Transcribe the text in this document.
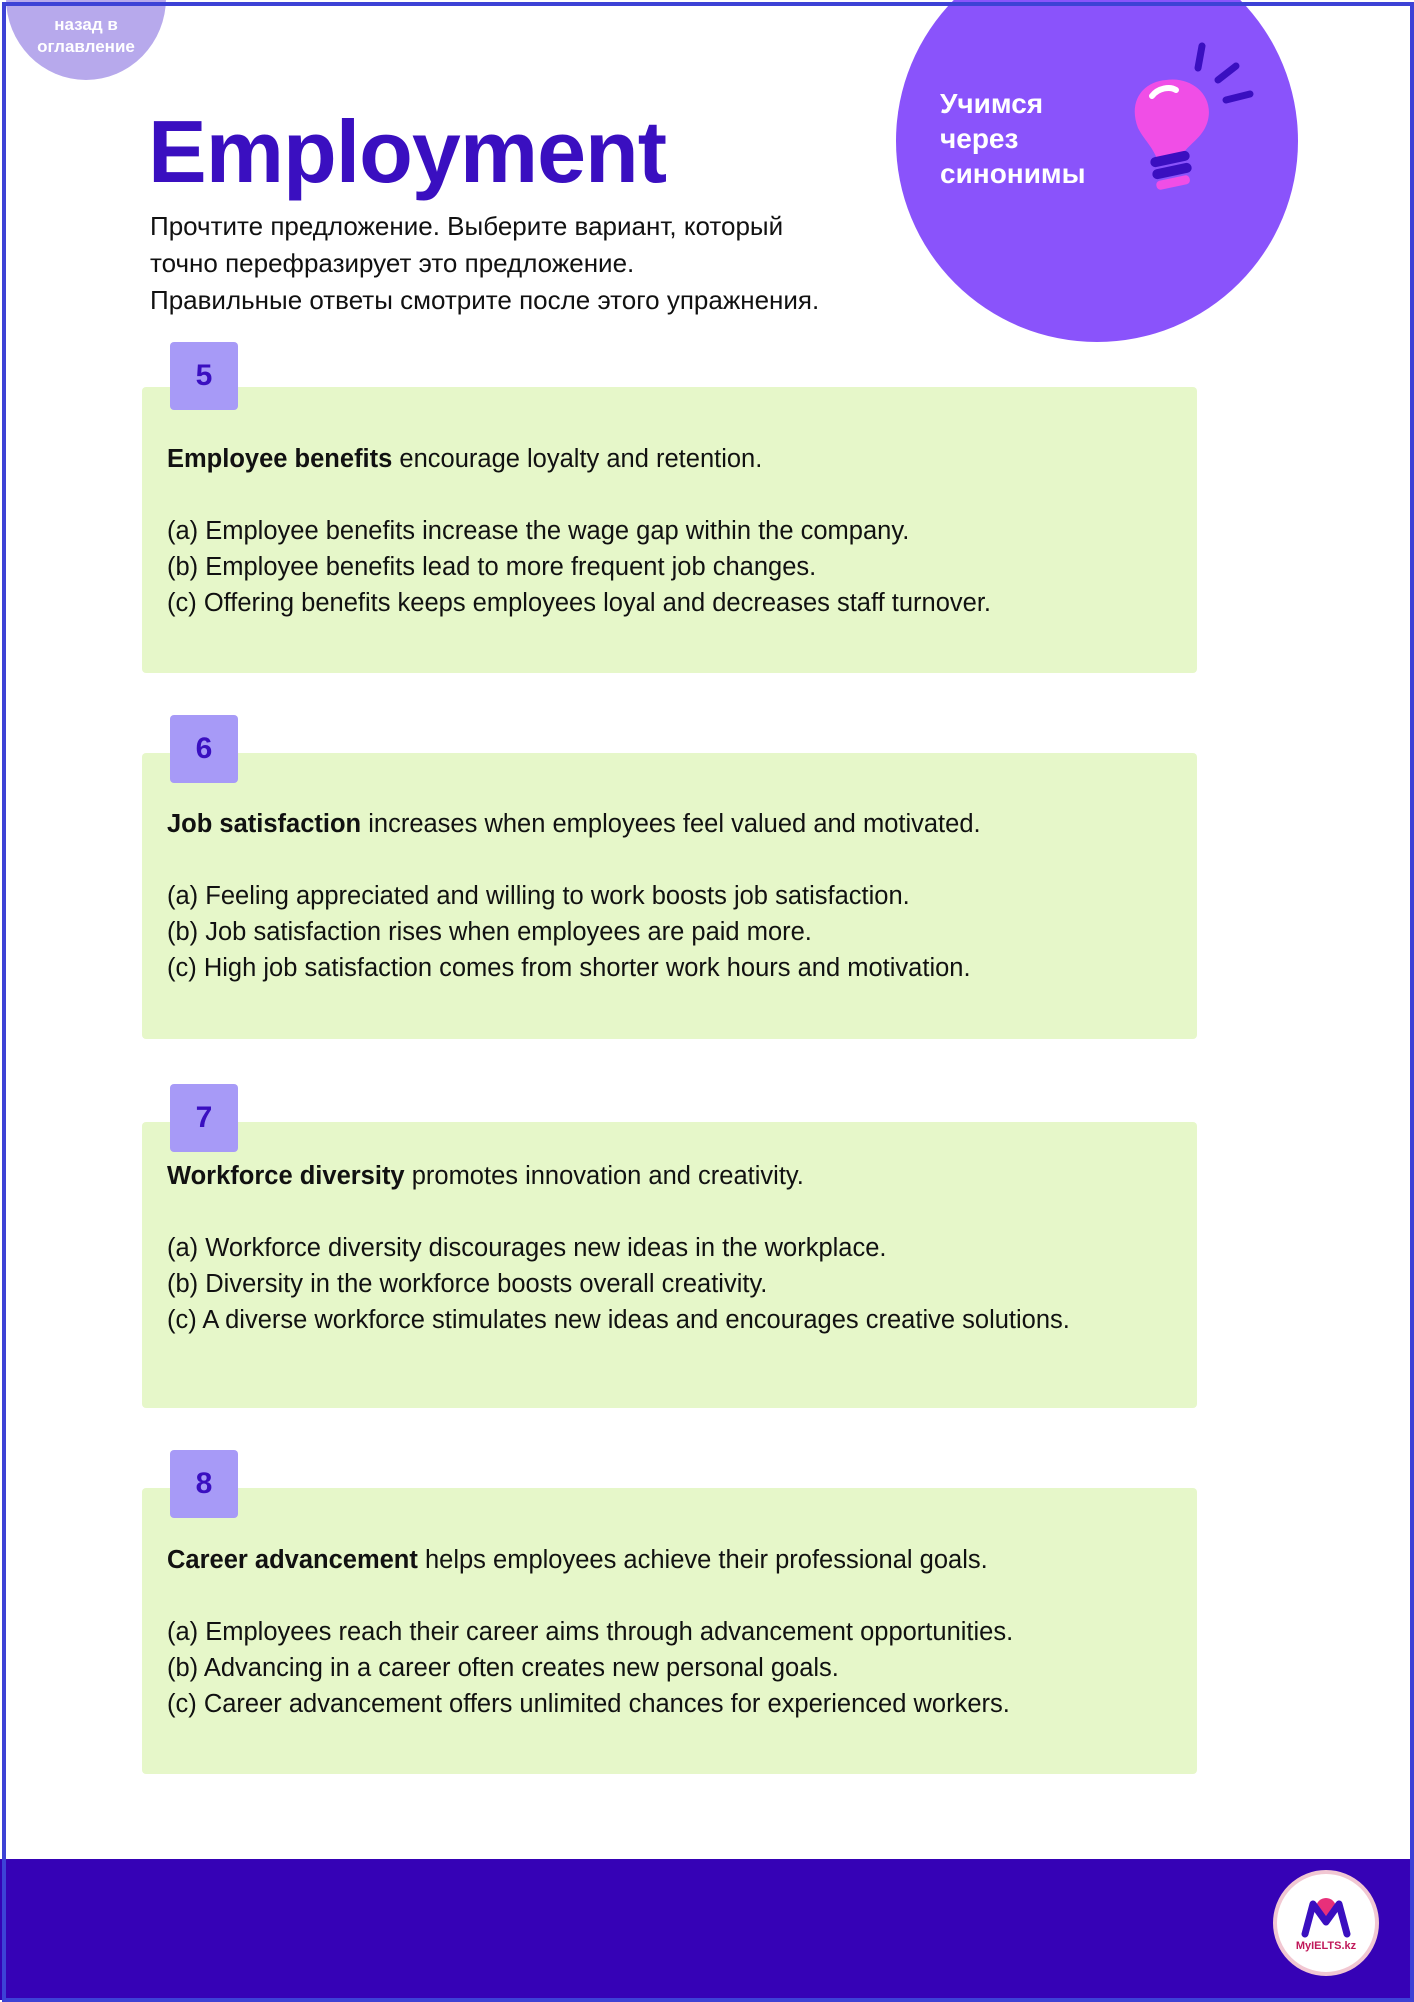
назад в оглавление
Учимся
через
синонимы
Employment
Прочтите предложение. Выберите вариант, который
точно перефразирует это предложение.
Правильные ответы смотрите после этого упражнения.
5

Employee benefits encourage loyalty and retention.

(a) Employee benefits increase the wage gap within the company.

(b) Employee benefits lead to more frequent job changes.

(c) Offering benefits keeps employees loyal and decreases staff turnover.

6

Job satisfaction increases when employees feel valued and motivated.

(a) Feeling appreciated and willing to work boosts job satisfaction.

(b) Job satisfaction rises when employees are paid more.

(c) High job satisfaction comes from shorter work hours and motivation.

7

Workforce diversity promotes innovation and creativity.

(a) Workforce diversity discourages new ideas in the workplace.

(b) Diversity in the workforce boosts overall creativity.

(c) A diverse workforce stimulates new ideas and encourages creative solutions.

8

Career advancement helps employees achieve their professional goals.

(a) Employees reach their career aims through advancement opportunities.

(b) Advancing in a career often creates new personal goals.

(c) Career advancement offers unlimited chances for experienced workers.

MyIELTS.kz
